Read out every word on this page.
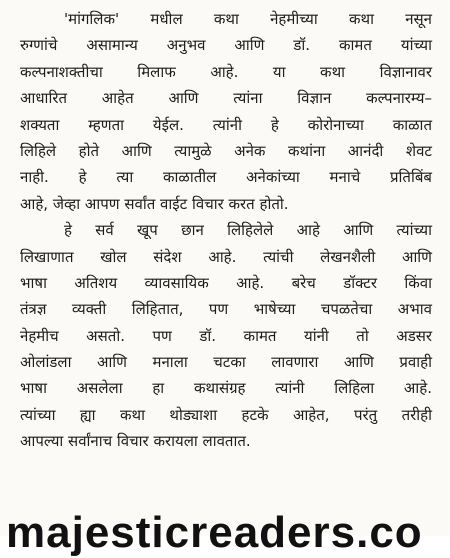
'मांगलिक' मधील कथा नेहमीच्या कथा नसून
रुग्णांचे असामान्य अनुभव आणि डॉ. कामत यांच्या
कल्पनाशक्तीचा मिलाफ आहे. या कथा विज्ञानावर
आधारित आहेत आणि त्यांना विज्ञान कल्पनारम्य–
शक्यता म्हणता येईल. त्यांनी हे कोरोनाच्या काळात
लिहिले होते आणि त्यामुळे अनेक कथांना आनंदी शेवट
नाही. हे त्या काळातील अनेकांच्या मनाचे प्रतिबिंब
आहे, जेव्हा आपण सर्वांत वाईट विचार करत होतो.
हे सर्व खूप छान लिहिलेले आहे आणि त्यांच्या
लिखाणात खोल संदेश आहे. त्यांची लेखनशैली आणि
भाषा अतिशय व्यावसायिक आहे. बरेच डॉक्टर किंवा
तंत्रज्ञ व्यक्ती लिहितात, पण भाषेच्या चपळतेचा अभाव
नेहमीच असतो. पण डॉ. कामत यांनी तो अडसर
ओलांडला आणि मनाला चटका लावणारा आणि प्रवाही
भाषा असलेला हा कथासंग्रह त्यांनी लिहिला आहे.
त्यांच्या ह्या कथा थोड्याशा हटके आहेत, परंतु तरीही
आपल्या सर्वांनाच विचार करायला लावतात.
majesticreaders.co
